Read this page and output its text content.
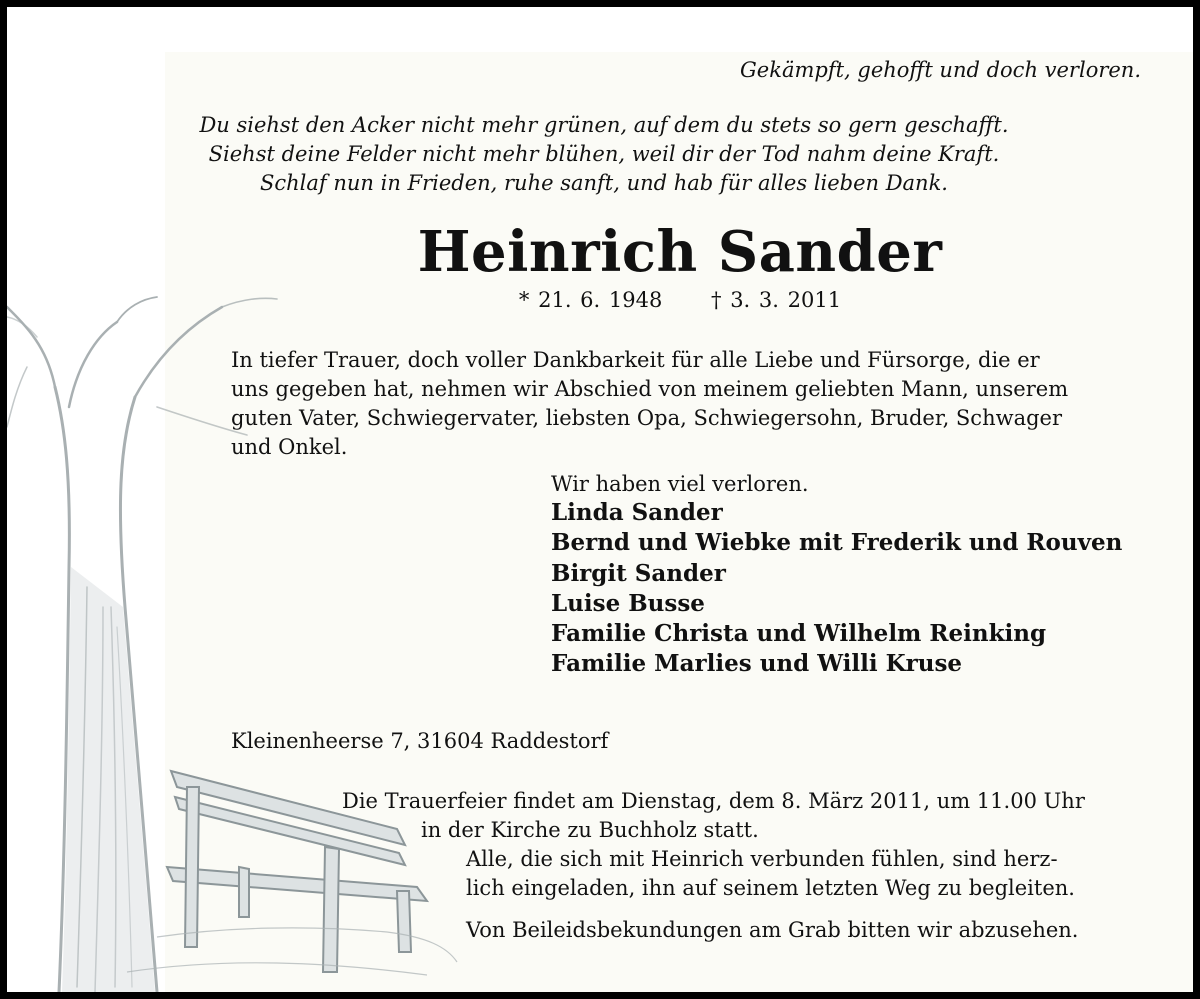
Gekämpft, gehofft und doch verloren.
Du siehst den Acker nicht mehr grünen, auf dem du stets so gern geschafft.
Siehst deine Felder nicht mehr blühen, weil dir der Tod nahm deine Kraft.
Schlaf nun in Frieden, ruhe sanft, und hab für alles lieben Dank.
Heinrich Sander
* 21. 6. 1948 † 3. 3. 2011
In tiefer Trauer, doch voller Dankbarkeit für alle Liebe und Fürsorge, die er
uns gegeben hat, nehmen wir Abschied von meinem geliebten Mann, unserem
guten Vater, Schwiegervater, liebsten Opa, Schwiegersohn, Bruder, Schwager
und Onkel.
Wir haben viel verloren.
Linda Sander
Bernd und Wiebke mit Frederik und Rouven
Birgit Sander
Luise Busse
Familie Christa und Wilhelm Reinking
Familie Marlies und Willi Kruse
Kleinenheerse 7, 31604 Raddestorf
Die Trauerfeier findet am Dienstag, dem 8. März 2011, um 11.00 Uhr
in der Kirche zu Buchholz statt.
Alle, die sich mit Heinrich verbunden fühlen, sind herz-
lich eingeladen, ihn auf seinem letzten Weg zu begleiten.
Von Beileidsbekundungen am Grab bitten wir abzusehen.
